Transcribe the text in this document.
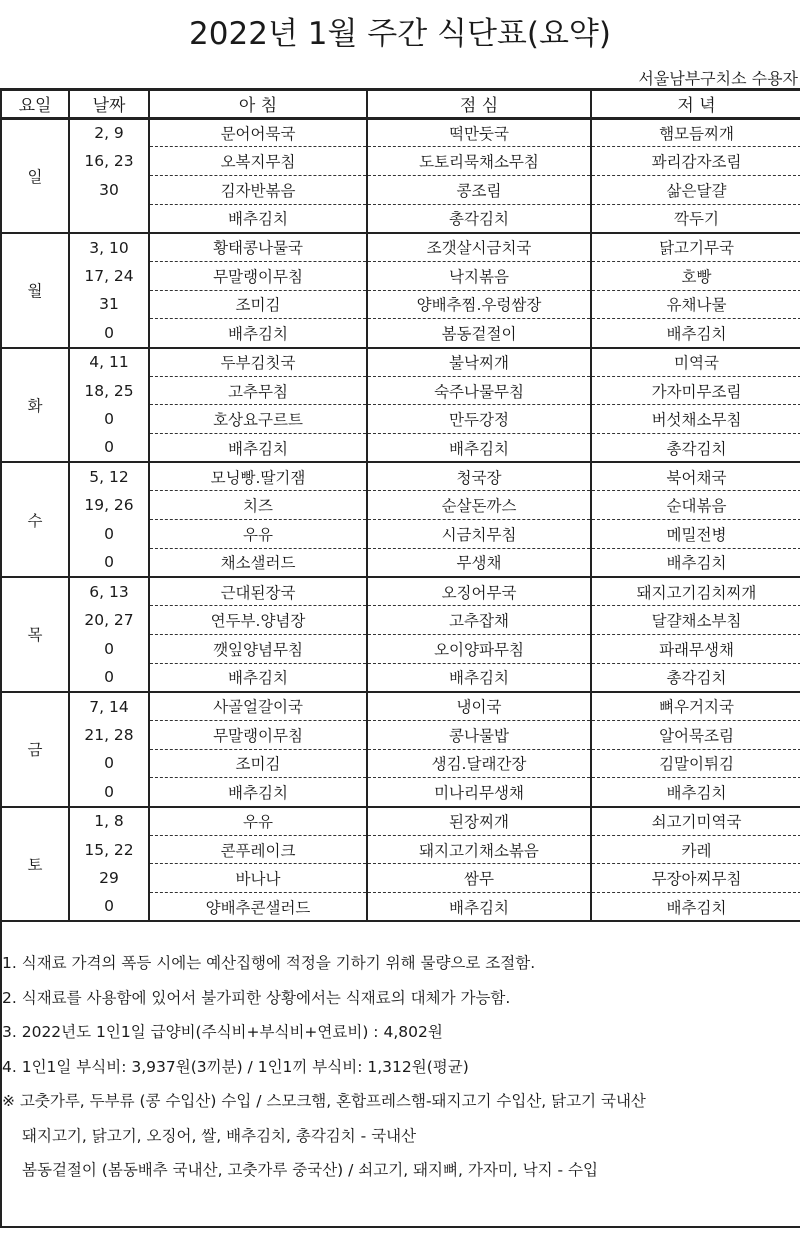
2022년 1월 주간 식단표(요약)
서울남부구치소 수용자
요일	날짜	아 침	점 심	저 녁
일	2, 9	문어어묵국	떡만둣국	햄모듬찌개
	16, 23	오복지무침	도토리묵채소무침	꽈리감자조림
	30	김자반볶음	콩조림	삶은달걀
		배추김치	총각김치	깍두기
월	3, 10	황태콩나물국	조갯살시금치국	닭고기무국
	17, 24	무말랭이무침	낙지볶음	호빵
	31	조미김	양배추찜.우렁쌈장	유채나물
	0	배추김치	봄동겉절이	배추김치
화	4, 11	두부김칫국	불낙찌개	미역국
	18, 25	고추무침	숙주나물무침	가자미무조림
	0	호상요구르트	만두강정	버섯채소무침
	0	배추김치	배추김치	총각김치
수	5, 12	모닝빵.딸기잼	청국장	북어채국
	19, 26	치즈	순살돈까스	순대볶음
	0	우유	시금치무침	메밀전병
	0	채소샐러드	무생채	배추김치
목	6, 13	근대된장국	오징어무국	돼지고기김치찌개
	20, 27	연두부.양념장	고추잡채	달걀채소부침
	0	깻잎양념무침	오이양파무침	파래무생채
	0	배추김치	배추김치	총각김치
금	7, 14	사골얼갈이국	냉이국	뼈우거지국
	21, 28	무말랭이무침	콩나물밥	알어묵조림
	0	조미김	생김.달래간장	김말이튀김
	0	배추김치	미나리무생채	배추김치
토	1, 8	우유	된장찌개	쇠고기미역국
	15, 22	콘푸레이크	돼지고기채소볶음	카레
	29	바나나	쌈무	무장아찌무침
	0	양배추콘샐러드	배추김치	배추김치
1. 식재료 가격의 폭등 시에는 예산집행에 적정을 기하기 위해 물량으로 조절함.
2. 식재료를 사용함에 있어서 불가피한 상황에서는 식재료의 대체가 가능함.
3. 2022년도 1인1일 급양비(주식비+부식비+연료비) : 4,802원
4. 1인1일 부식비: 3,937원(3끼분) / 1인1끼 부식비: 1,312원(평균)
※ 고춧가루, 두부류 (콩 수입산) 수입 / 스모크햄, 혼합프레스햄-돼지고기 수입산, 닭고기 국내산
돼지고기, 닭고기, 오징어, 쌀, 배추김치, 총각김치 - 국내산
봄동겉절이 (봄동배추 국내산, 고춧가루 중국산) / 쇠고기, 돼지뼈, 가자미, 낙지 - 수입
